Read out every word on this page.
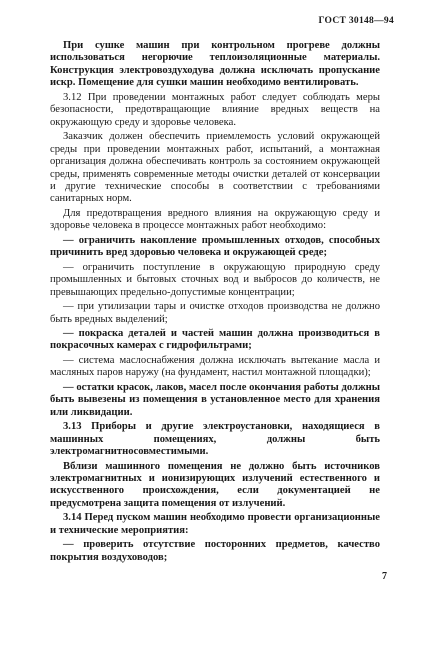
ГОСТ 30148—94

При сушке машин при контрольном прогреве должны использоваться негорючие теплоизоляционные материалы. Конструкция электровоздуходува должна исключать пропускание искр. Помещение для сушки машин необходимо вентилировать.

3.12 При проведении монтажных работ следует соблюдать меры безопасности, предотвращающие влияние вредных веществ на окружающую среду и здоровье человека.

Заказчик должен обеспечить приемлемость условий окружающей среды при проведении монтажных работ, испытаний, а монтажная организация должна обеспечивать контроль за состоянием окружающей среды, применять современные методы очистки деталей от консервации и другие технические способы в соответствии с требованиями санитарных норм.

Для предотвращения вредного влияния на окружающую среду и здоровье человека в процессе монтажных работ необходимо:

— ограничить накопление промышленных отходов, способных причинить вред здоровью человека и окружающей среде;

— ограничить поступление в окружающую природную среду промышленных и бытовых сточных вод и выбросов до количеств, не превышающих предельно-допустимые концентрации;

— при утилизации тары и очистке отходов производства не должно быть вредных выделений;

— покраска деталей и частей машин должна производиться в покрасочных камерах с гидрофильтрами;

— система маслоснабжения должна исключать вытекание масла и масляных паров наружу (на фундамент, настил монтажной площадки);

— остатки красок, лаков, масел после окончания работы должны быть вывезены из помещения в установленное место для хранения или ликвидации.

3.13 Приборы и другие электроустановки, находящиеся в машинных помещениях, должны быть электромагнитносовместимыми.

Вблизи машинного помещения не должно быть источников электромагнитных и ионизирующих излучений естественного и искусственного происхождения, если документацией не предусмотрена защита помещения от излучений.

3.14 Перед пуском машин необходимо провести организационные и технические мероприятия:

— проверить отсутствие посторонних предметов, качество покрытия воздуховодов;

7
